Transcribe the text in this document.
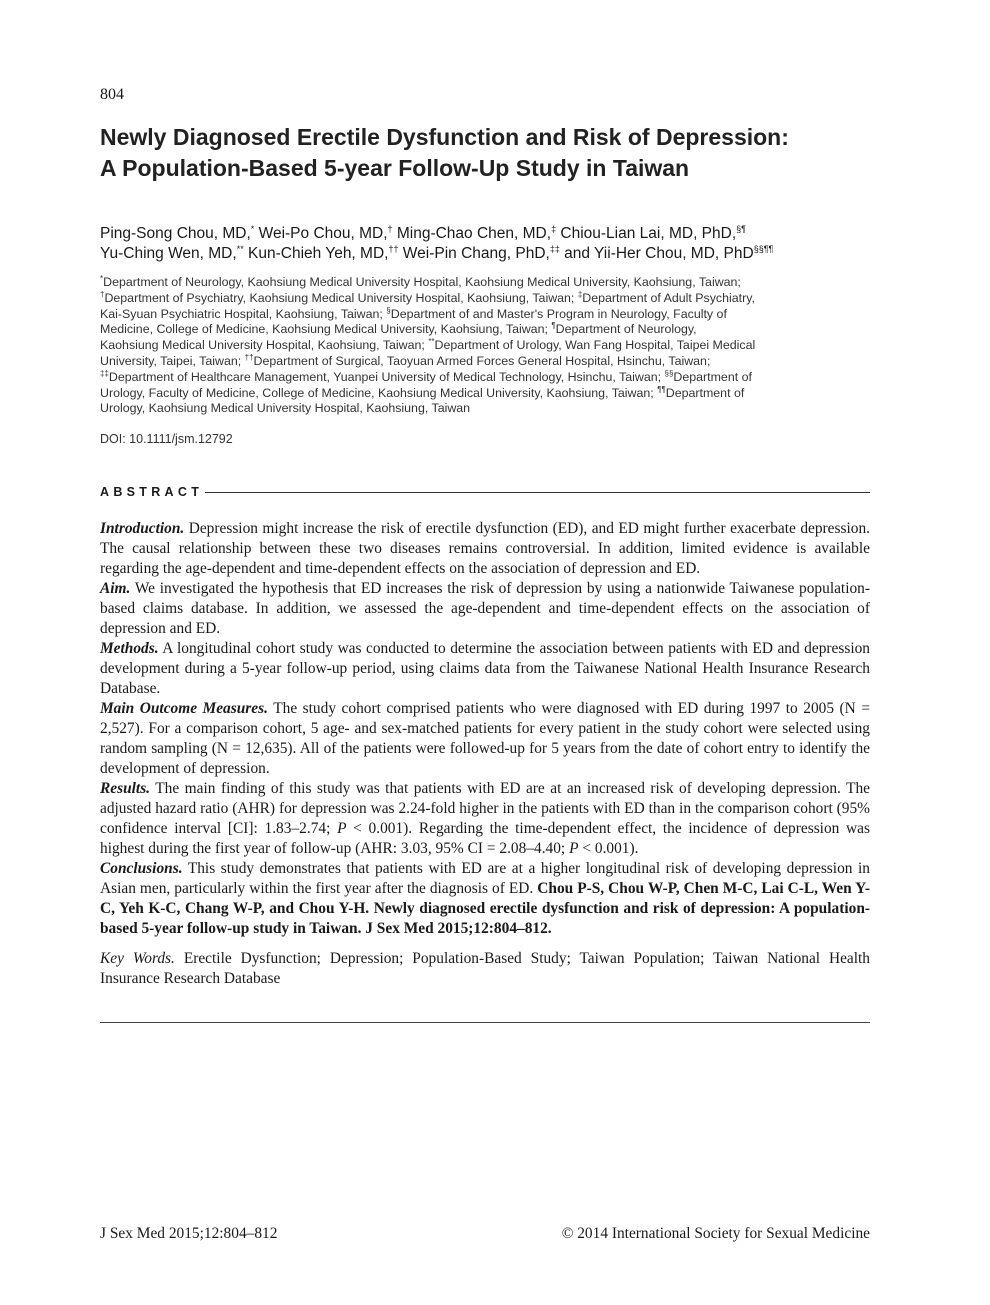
804
Newly Diagnosed Erectile Dysfunction and Risk of Depression:
A Population-Based 5-year Follow-Up Study in Taiwan
Ping-Song Chou, MD,* Wei-Po Chou, MD,† Ming-Chao Chen, MD,‡ Chiou-Lian Lai, MD, PhD,§¶
Yu-Ching Wen, MD,** Kun-Chieh Yeh, MD,†† Wei-Pin Chang, PhD,‡‡ and Yii-Her Chou, MD, PhD§§¶¶
*Department of Neurology, Kaohsiung Medical University Hospital, Kaohsiung Medical University, Kaohsiung, Taiwan;
†Department of Psychiatry, Kaohsiung Medical University Hospital, Kaohsiung, Taiwan; ‡Department of Adult Psychiatry,
Kai-Syuan Psychiatric Hospital, Kaohsiung, Taiwan; §Department of and Master's Program in Neurology, Faculty of
Medicine, College of Medicine, Kaohsiung Medical University, Kaohsiung, Taiwan; ¶Department of Neurology,
Kaohsiung Medical University Hospital, Kaohsiung, Taiwan; **Department of Urology, Wan Fang Hospital, Taipei Medical
University, Taipei, Taiwan; ††Department of Surgical, Taoyuan Armed Forces General Hospital, Hsinchu, Taiwan;
‡‡Department of Healthcare Management, Yuanpei University of Medical Technology, Hsinchu, Taiwan; §§Department of
Urology, Faculty of Medicine, College of Medicine, Kaohsiung Medical University, Kaohsiung, Taiwan; ¶¶Department of
Urology, Kaohsiung Medical University Hospital, Kaohsiung, Taiwan
DOI: 10.1111/jsm.12792
ABSTRACT

Introduction. Depression might increase the risk of erectile dysfunction (ED), and ED might further exacerbate depression. The causal relationship between these two diseases remains controversial. In addition, limited evidence is available regarding the age-dependent and time-dependent effects on the association of depression and ED.

Aim. We investigated the hypothesis that ED increases the risk of depression by using a nationwide Taiwanese population-based claims database. In addition, we assessed the age-dependent and time-dependent effects on the association of depression and ED.

Methods. A longitudinal cohort study was conducted to determine the association between patients with ED and depression development during a 5-year follow-up period, using claims data from the Taiwanese National Health Insurance Research Database.

Main Outcome Measures. The study cohort comprised patients who were diagnosed with ED during 1997 to 2005 (N = 2,527). For a comparison cohort, 5 age- and sex-matched patients for every patient in the study cohort were selected using random sampling (N = 12,635). All of the patients were followed-up for 5 years from the date of cohort entry to identify the development of depression.

Results. The main finding of this study was that patients with ED are at an increased risk of developing depression. The adjusted hazard ratio (AHR) for depression was 2.24-fold higher in the patients with ED than in the comparison cohort (95% confidence interval [CI]: 1.83–2.74; P < 0.001). Regarding the time-dependent effect, the incidence of depression was highest during the first year of follow-up (AHR: 3.03, 95% CI = 2.08–4.40; P < 0.001).

Conclusions. This study demonstrates that patients with ED are at a higher longitudinal risk of developing depression in Asian men, particularly within the first year after the diagnosis of ED. Chou P-S, Chou W-P, Chen M-C, Lai C-L, Wen Y-C, Yeh K-C, Chang W-P, and Chou Y-H. Newly diagnosed erectile dysfunction and risk of depression: A population-based 5-year follow-up study in Taiwan. J Sex Med 2015;12:804–812.

Key Words. Erectile Dysfunction; Depression; Population-Based Study; Taiwan Population; Taiwan National Health Insurance Research Database

J Sex Med 2015;12:804–812	© 2014 International Society for Sexual Medicine
